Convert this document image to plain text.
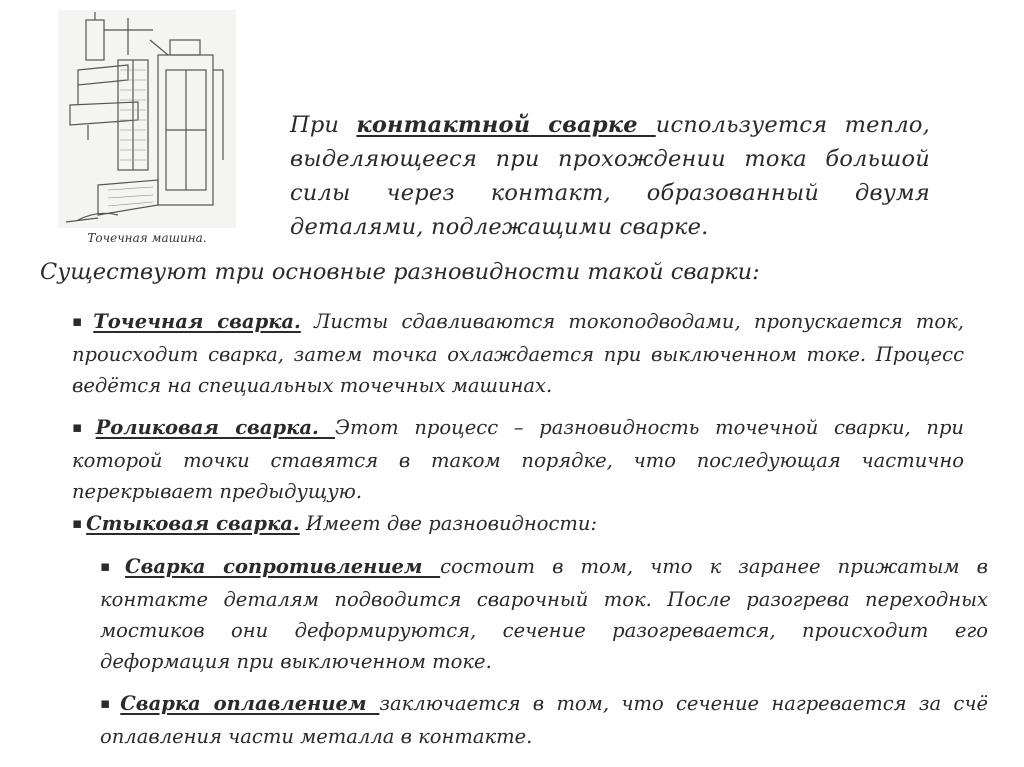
Точечная машина.
При контактной сварке используется тепло, выделяющееся при прохождении тока большой силы через контакт, образованный двумя деталями, подлежащими сварке.
Существуют три основные разновидности такой сварки:
▪ Точечная сварка. Листы сдавливаются токоподводами, пропускается ток, происходит сварка, затем точка охлаждается при выключенном токе. Процесс ведётся на специальных точечных машинах.
▪ Роликовая сварка. Этот процесс – разновидность точечной сварки, при которой точки ставятся в таком порядке, что последующая частично перекрывает предыдущую.
▪ Стыковая сварка. Имеет две разновидности:
▪ Сварка сопротивлением состоит в том, что к заранее прижатым в контакте деталям подводится сварочный ток. После разогрева переходных мостиков они деформируются, сечение разогревается, происходит его деформация при выключенном токе.
▪ Сварка оплавлением заключается в том, что сечение нагревается за счё оплавления части металла в контакте.
